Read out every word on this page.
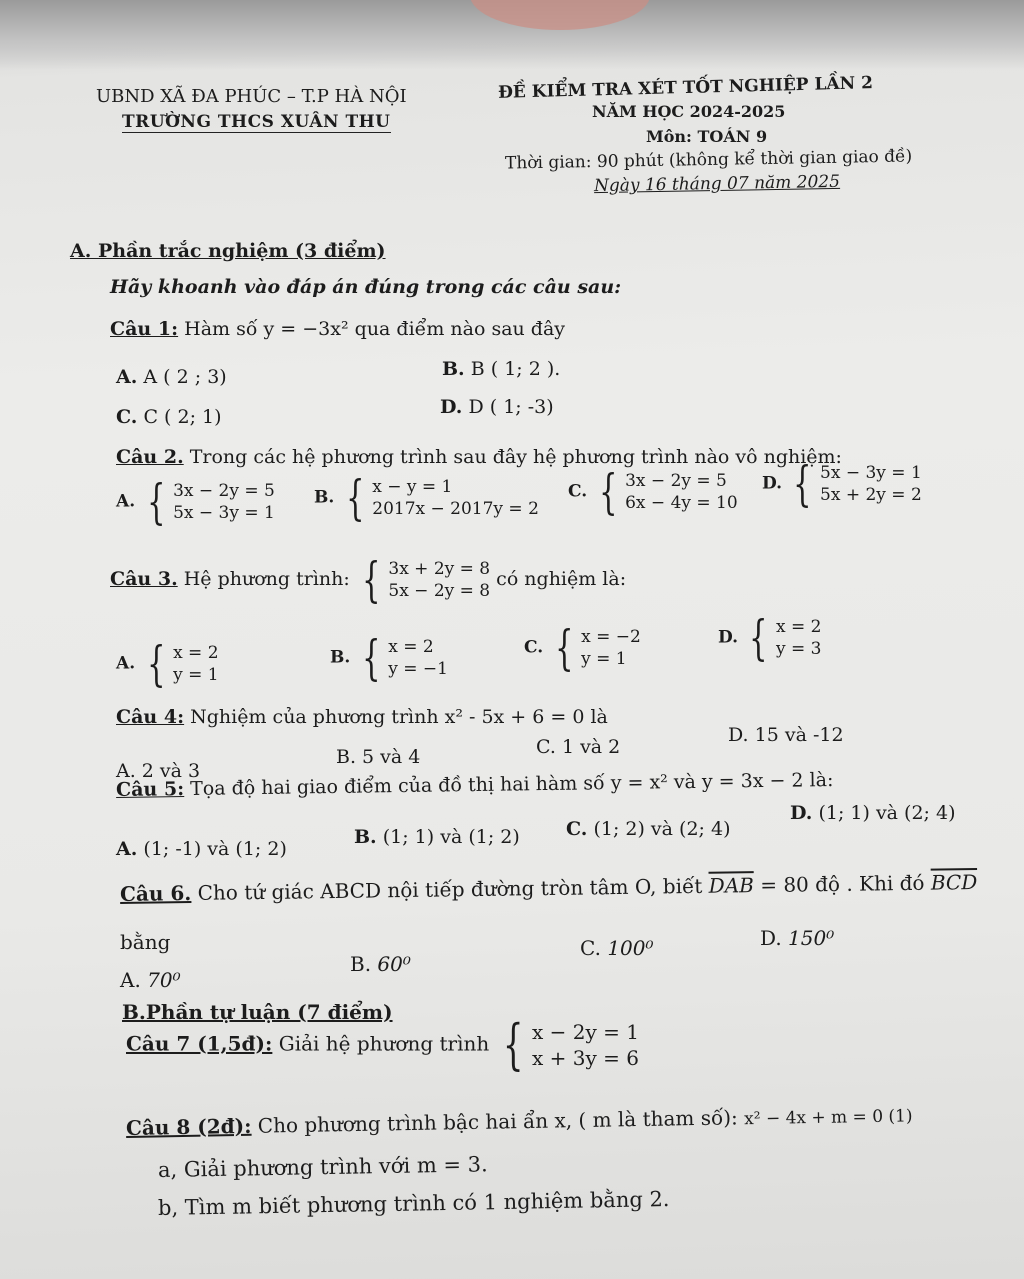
UBND XÃ ĐA PHÚC – T.P HÀ NỘI
TRƯỜNG THCS XUÂN THU
ĐỀ KIỂM TRA XÉT TỐT NGHIỆP LẦN 2
NĂM HỌC 2024-2025
Môn: TOÁN 9
Thời gian: 90 phút (không kể thời gian giao đề)
Ngày 16 tháng 07 năm 2025
A. Phần trắc nghiệm (3 điểm)
Hãy khoanh vào đáp án đúng trong các câu sau:
Câu 1: Hàm số y = −3x² qua điểm nào sau đây
A. A ( 2 ; 3)	B. B ( 1; 2 ).
C. C ( 2; 1)	D. D ( 1; -3)
Câu 2. Trong các hệ phương trình sau đây hệ phương trình nào vô nghiệm:
A. { 3x − 2y = 5
5x − 3y = 1
B. { x − y = 1
2017x − 2017y = 2
C. { 3x − 2y = 5
6x − 4y = 10
D. { 5x − 3y = 1
5x + 2y = 2
Câu 3. Hệ phương trình: { 3x + 2y = 8
5x − 2y = 8
có nghiệm là:
A. { x = 2
y = 1
B. { x = 2
y = −1
C. { x = −2
y = 1
D. { x = 2
y = 3
Câu 4: Nghiệm của phương trình x² - 5x + 6 = 0 là
A. 2 và 3
B. 5 và 4	C. 1 và 2
D. 15 và -12
Câu 5: Tọa độ hai giao điểm của đồ thị hai hàm số y = x² và y = 3x − 2 là:
A. (1; -1) và (1; 2)
B. (1; 1) và (1; 2) C. (1; 2) và (2; 4)
D. (1; 1) và (2; 4)
Câu 6. Cho tứ giác ABCD nội tiếp đường tròn tâm O, biết $\overline{DAB} = 80$ độ . Khi đó $\overline{BCD}$
bằng
A. 70⁰
B. 60⁰
C. 100⁰	D. 150⁰
B.Phần tự luận (7 điểm)
Câu 7 (1,5đ): Giải hệ phương trình { x − 2y = 1
x + 3y = 6
Câu 8 (2đ): Cho phương trình bậc hai ẩn x, ( m là tham số): x² − 4x + m = 0 (1)
a, Giải phương trình với m = 3.
b, Tìm m biết phương trình có 1 nghiệm bằng 2.
